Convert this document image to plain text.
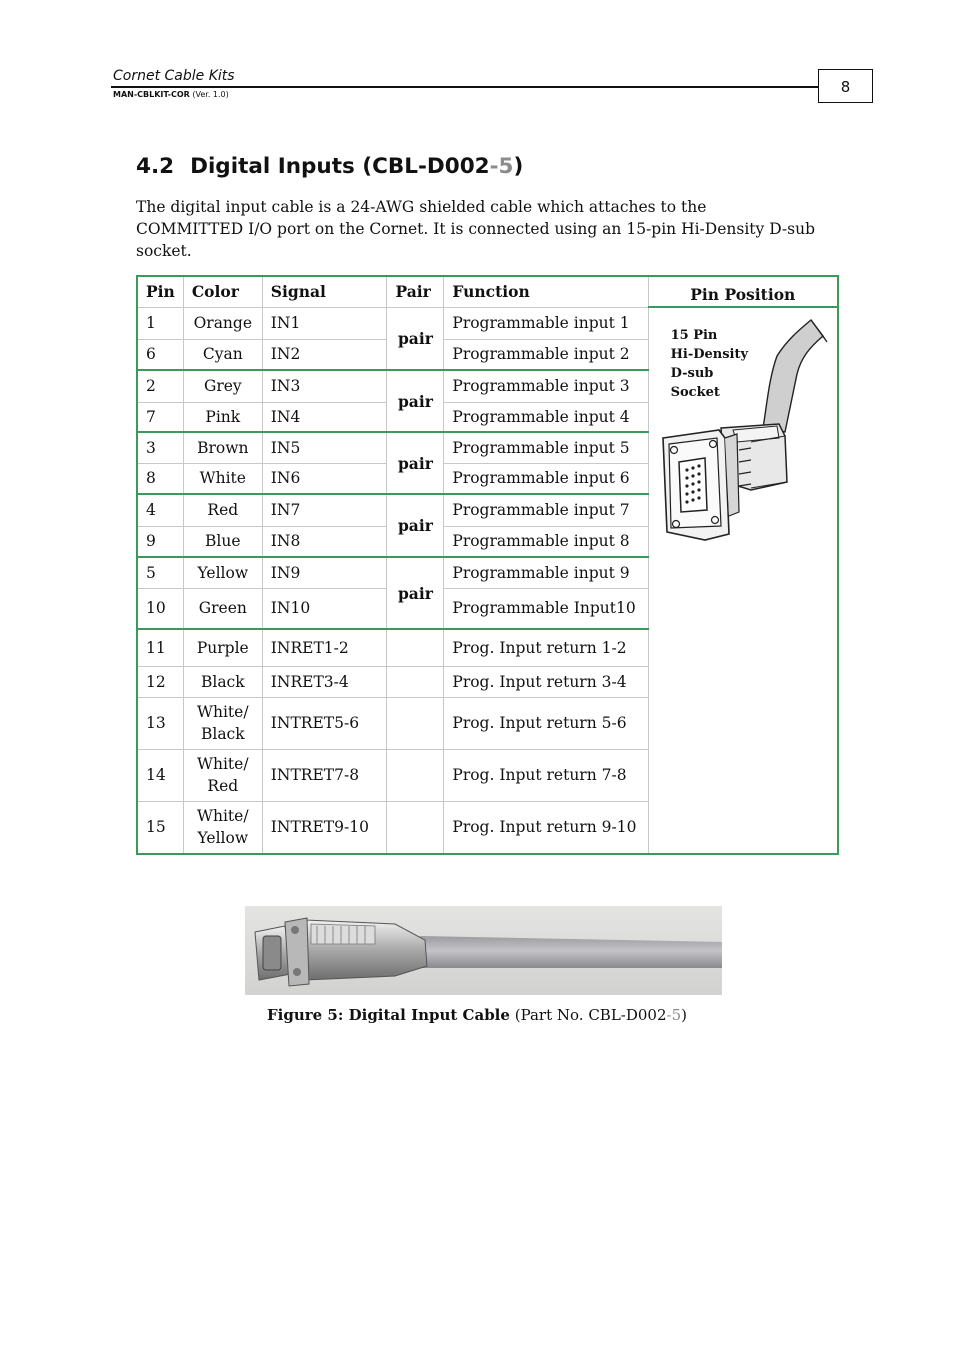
Cornet Cable Kits
MAN-CBLKIT-COR (Ver. 1.0)	8
4.2 Digital Inputs (CBL-D002-5)
The digital input cable is a 24-AWG shielded cable which attaches to the COMMITTED I/O port on the Cornet. It is connected using an 15-pin Hi-Density D-sub socket.
Pin	Color	Signal	Pair	Function	Pin Position
1	Orange	IN1	pair	Programmable input 1	15 Pin
Hi-Density
D-sub
Socket

6	Cyan	IN2		Programmable input 2	
2	Grey	IN3	pair	Programmable input 3	
7	Pink	IN4		Programmable input 4	
3	Brown	IN5	pair	Programmable input 5	
8	White	IN6		Programmable input 6	
4	Red	IN7	pair	Programmable input 7	
9	Blue	IN8		Programmable input 8	
5	Yellow	IN9	pair	Programmable input 9	
10	Green	IN10		Programmable Input10	
11	Purple	INRET1-2		Prog. Input return 1-2	
12	Black	INRET3-4		Prog. Input return 3-4	
13	White/
Black	INTRET5-6		Prog. Input return 5-6	
14	White/
Red	INTRET7-8		Prog. Input return 7-8	
15	White/
Yellow	INTRET9-10		Prog. Input return 9-10	
Figure 5: Digital Input Cable (Part No. CBL-D002-5)
